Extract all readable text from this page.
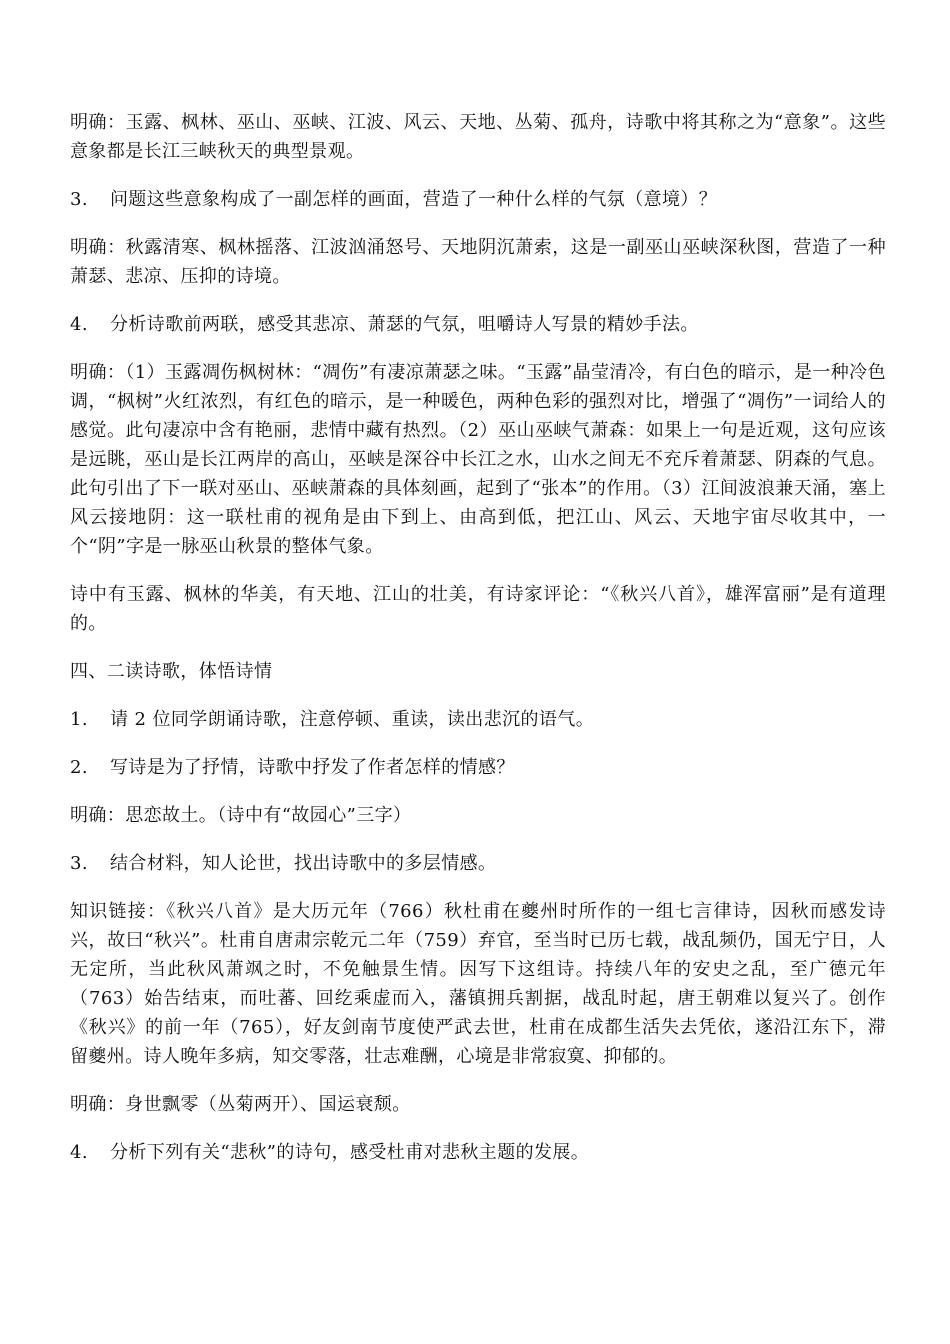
明确：玉露、枫林、巫山、巫峡、江波、风云、天地、丛菊、孤舟，诗歌中将其称之为“意象”。这些意象都是长江三峡秋天的典型景观。

3.	问题这些意象构成了一副怎样的画面，营造了一种什么样的气氛（意境）？

明确：秋露清寒、枫林摇落、江波汹涌怒号、天地阴沉萧索，这是一副巫山巫峡深秋图，营造了一种萧瑟、悲凉、压抑的诗境。

4.	分析诗歌前两联，感受其悲凉、萧瑟的气氛，咀嚼诗人写景的精妙手法。

明确：（1）玉露凋伤枫树林：“凋伤”有凄凉萧瑟之味。“玉露”晶莹清冷，有白色的暗示，是一种冷色调，“枫树”火红浓烈，有红色的暗示，是一种暖色，两种色彩的强烈对比，增强了“凋伤”一词给人的感觉。此句凄凉中含有艳丽，悲情中藏有热烈。（2）巫山巫峡气萧森：如果上一句是近观，这句应该是远眺，巫山是长江两岸的高山，巫峡是深谷中长江之水，山水之间无不充斥着萧瑟、阴森的气息。此句引出了下一联对巫山、巫峡萧森的具体刻画，起到了“张本”的作用。（3）江间波浪兼天涌，塞上风云接地阴：这一联杜甫的视角是由下到上、由高到低，把江山、风云、天地宇宙尽收其中，一个“阴”字是一脉巫山秋景的整体气象。

诗中有玉露、枫林的华美，有天地、江山的壮美，有诗家评论：“《秋兴八首》，雄浑富丽”是有道理的。

四、二读诗歌，体悟诗情

1.	请 2 位同学朗诵诗歌，注意停顿、重读，读出悲沉的语气。
2.	写诗是为了抒情，诗歌中抒发了作者怎样的情感？

明确：思恋故土。（诗中有“故园心”三字）

3.	结合材料，知人论世，找出诗歌中的多层情感。

知识链接：《秋兴八首》是大历元年（766）秋杜甫在夔州时所作的一组七言律诗，因秋而感发诗兴，故曰“秋兴”。杜甫自唐肃宗乾元二年（759）弃官，至当时已历七载，战乱频仍，国无宁日，人无定所，当此秋风萧飒之时，不免触景生情。因写下这组诗。持续八年的安史之乱，至广德元年（763）始告结束，而吐蕃、回纥乘虚而入，藩镇拥兵割据，战乱时起，唐王朝难以复兴了。创作《秋兴》的前一年（765），好友剑南节度使严武去世，杜甫在成都生活失去凭依，遂沿江东下，滞留夔州。诗人晚年多病，知交零落，壮志难酬，心境是非常寂寞、抑郁的。

明确：身世飘零（丛菊两开）、国运衰颓。

4.	分析下列有关“悲秋”的诗句，感受杜甫对悲秋主题的发展。
